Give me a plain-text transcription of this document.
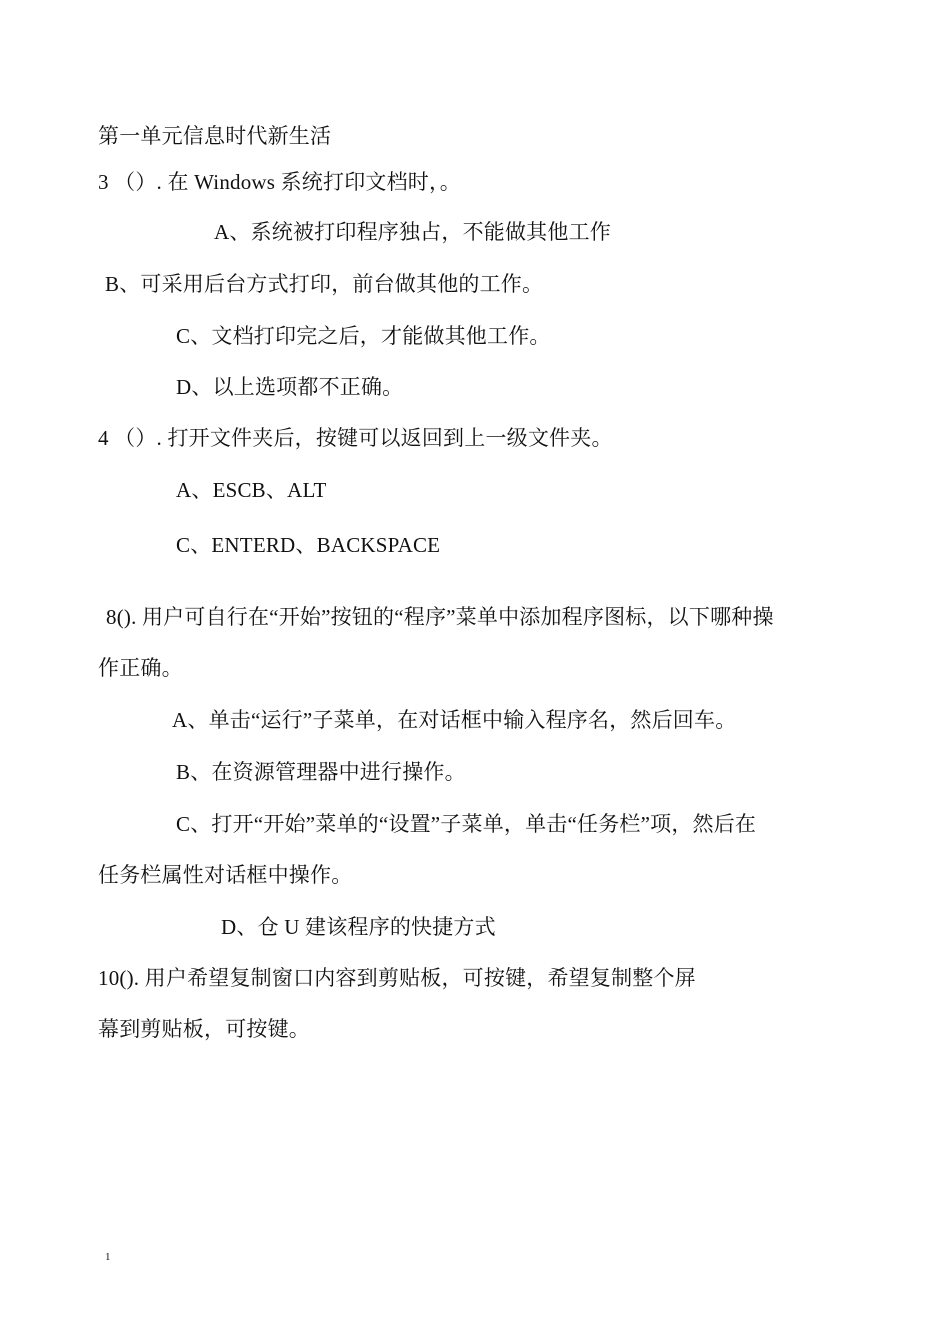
第一单元信息时代新生活
3 （）. 在 Windows 系统打印文档时，。
A、系统被打印程序独占，不能做其他工作
B、可采用后台方式打印，前台做其他的工作。
C、文档打印完之后，才能做其他工作。
D、以上选项都不正确。
4 （）. 打开文件夹后，按键可以返回到上一级文件夹。
A、ESCB、ALT
C、ENTERD、BACKSPACE
8(). 用户可自行在“开始”按钮的“程序”菜单中添加程序图标，以下哪种操
作正确。
A、单击“运行”子菜单，在对话框中输入程序名，然后回车。
B、在资源管理器中进行操作。
C、打开“开始”菜单的“设置”子菜单，单击“任务栏”项，然后在
任务栏属性对话框中操作。
D、仓 U 建该程序的快捷方式
10(). 用户希望复制窗口内容到剪贴板，可按键，希望复制整个屏
幕到剪贴板，可按键。
1
